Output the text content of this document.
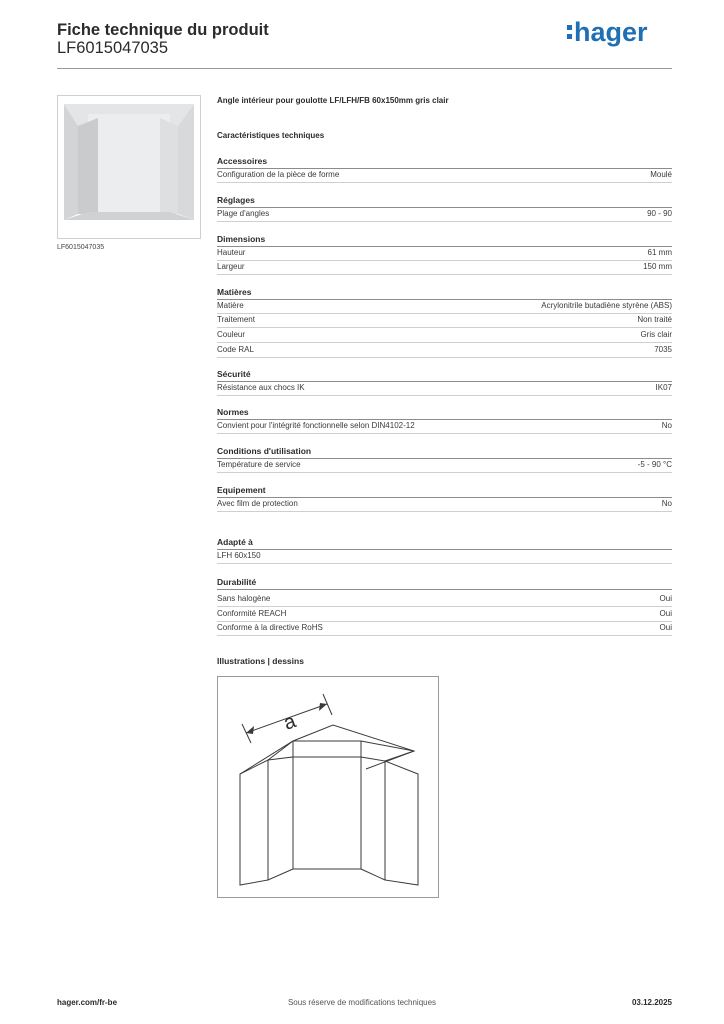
Fiche technique du produit
LF6015047035
hager
LF6015047035
Angle intérieur pour goulotte LF/LFH/FB 60x150mm gris clair
Caractéristiques techniques
Accessoires
Configuration de la pièce de forme	Moulé
Réglages
Plage d'angles	90 - 90
Dimensions
Hauteur	61 mm
Largeur	150 mm
Matières
Matière	Acrylonitrile butadiène styrène (ABS)
Traitement	Non traité
Couleur	Gris clair
Code RAL	7035
Sécurité
Résistance aux chocs IK	IK07
Normes
Convient pour l'intégrité fonctionnelle selon DIN4102-12	No
Conditions d'utilisation
Température de service	-5 - 90 °C
Equipement
Avec film de protection	No
Adapté à
LFH 60x150
Durabilité
Sans halogène	Oui
Conformité REACH	Oui
Conforme à la directive RoHS	Oui
Illustrations | dessins
a
hager.com/fr-be	Sous réserve de modifications techniques	03.12.2025
